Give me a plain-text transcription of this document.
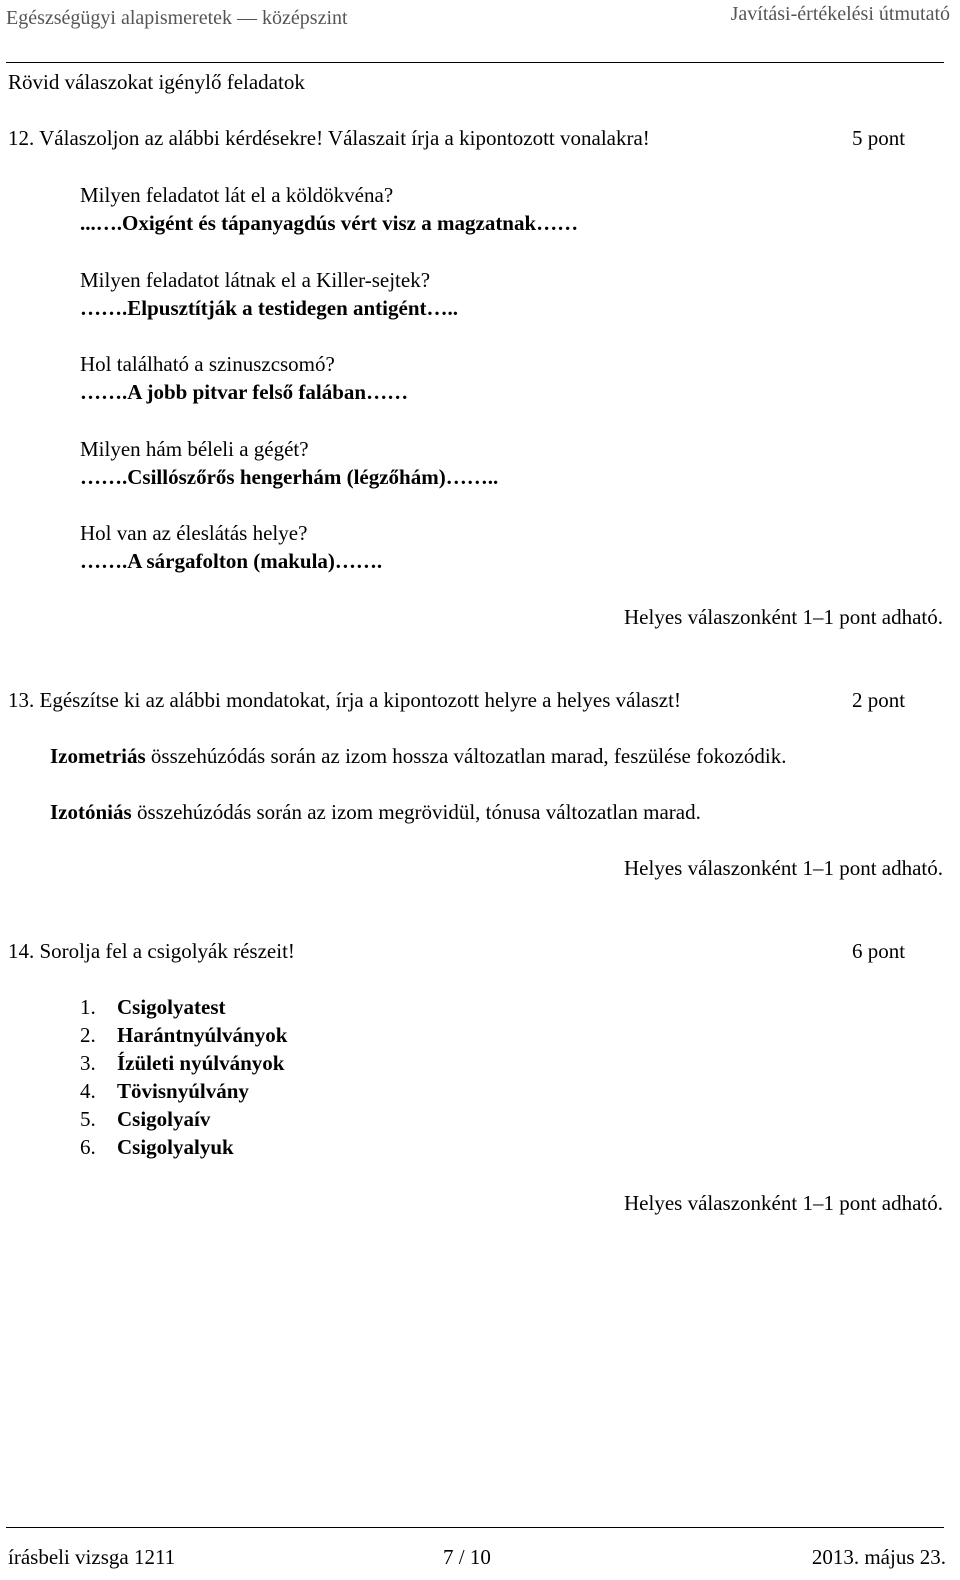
Egészségügyi alapismeretek — középszint	Javítási-értékelési útmutató
Rövid válaszokat igénylő feladatok
12. Válaszoljon az alábbi kérdésekre! Válaszait írja a kipontozott vonalakra!	5 pont
Milyen feladatot lát el a köldökvéna?
...….Oxigént és tápanyagdús vért visz a magzatnak……
Milyen feladatot látnak el a Killer-sejtek?
…….Elpusztítják a testidegen antigént…..
Hol található a szinuszcsomó?
…….A jobb pitvar felső falában……
Milyen hám béleli a gégét?
…….Csillószőrős hengerhám (légzőhám)……..
Hol van az éleslátás helye?
…….A sárgafolton (makula)…….
Helyes válaszonként 1–1 pont adható.
13. Egészítse ki az alábbi mondatokat, írja a kipontozott helyre a helyes választ!	2 pont
Izometriás összehúzódás során az izom hossza változatlan marad, feszülése fokozódik.
Izotóniás összehúzódás során az izom megrövidül, tónusa változatlan marad.
Helyes válaszonként 1–1 pont adható.
14. Sorolja fel a csigolyák részeit!	6 pont
1. Csigolyatest
2. Harántnyúlványok
3. Ízületi nyúlványok
4. Tövisnyúlvány
5. Csigolyaív
6. Csigolyalyuk
Helyes válaszonként 1–1 pont adható.
írásbeli vizsga 1211	7 / 10	2013. május 23.
